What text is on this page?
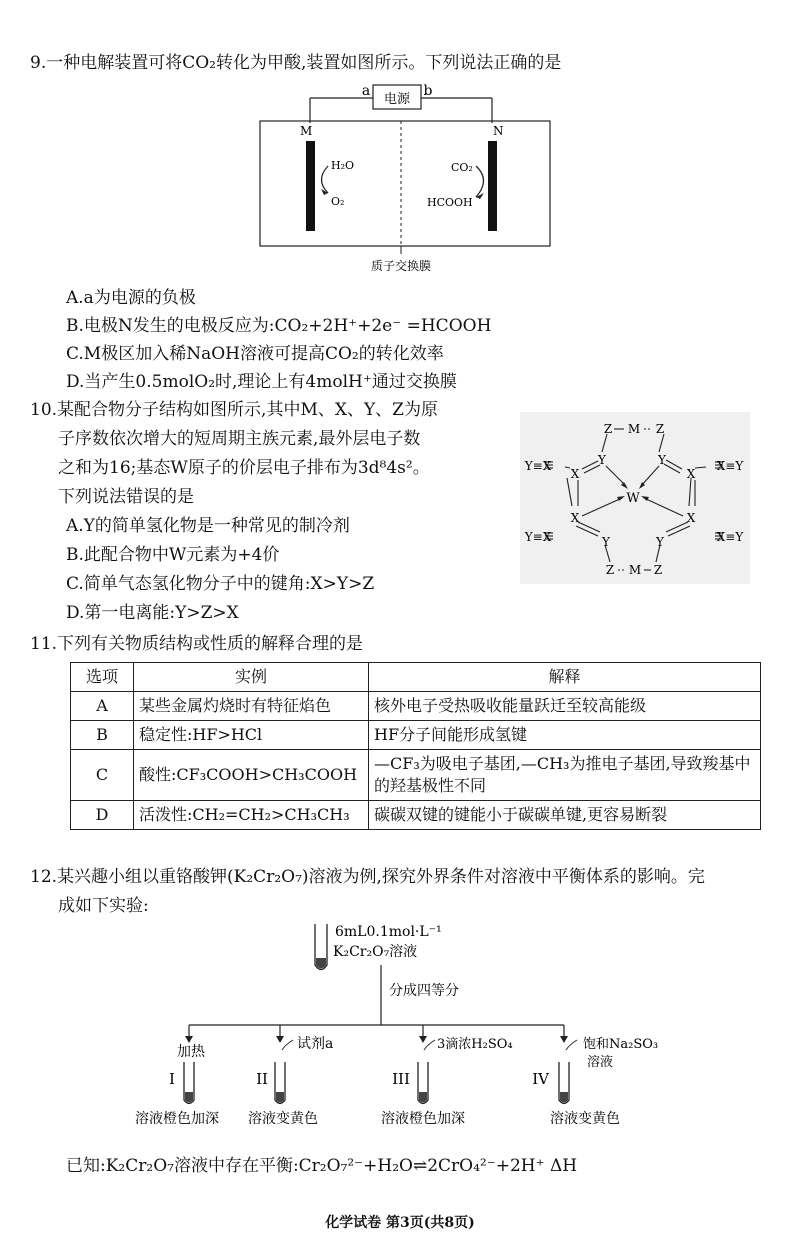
9.一种电解装置可将CO₂转化为甲酸,装置如图所示。下列说法正确的是
电源
a	b
M	N
H₂O
O₂
CO₂
HCOOH
质子交换膜
A.a为电源的负极
B.电极N发生的电极反应为:CO₂+2H⁺+2e⁻ =HCOOH
C.M极区加入稀NaOH溶液可提高CO₂的转化效率
D.当产生0.5molO₂时,理论上有4molH⁺通过交换膜
10.某配合物分子结构如图所示,其中M、X、Y、Z为原
子序数依次增大的短周期主族元素,最外层电子数
之和为16;基态W原子的价层电子排布为3d⁸4s²。
下列说法错误的是
A.Y的简单氢化物是一种常见的制冷剂
B.此配合物中W元素为+4价
C.简单气态氢化物分子中的键角:X>Y>Z
D.第一电离能:Y>Z>X
Z M Z
Y	Y
Y≡X	X≡Y
X	X
W
X	X
Y≡X	X≡Y
Y	Y
Z M Z
11.下列有关物质结构或性质的解释合理的是
选项	实例	解释
A	某些金属灼烧时有特征焰色	核外电子受热吸收能量跃迁至较高能级
B	稳定性:HF>HCl	HF分子间能形成氢键
C	酸性:CF₃COOH>CH₃COOH	—CF₃为吸电子基团,—CH₃为推电子基团,导致羧基中的羟基极性不同
D	活泼性:CH₂=CH₂>CH₃CH₃	碳碳双键的键能小于碳碳单键,更容易断裂
12.某兴趣小组以重铬酸钾(K₂Cr₂O₇)溶液为例,探究外界条件对溶液中平衡体系的影响。完
成如下实验:
6mL0.1mol·L⁻¹
K₂Cr₂O₇溶液
分成四等分
加热	试剂a	3滴浓H₂SO₄	饱和Na₂SO₃
溶液
I	II	III	IV
溶液橙色加深 溶液变黄色	溶液橙色加深	溶液变黄色
已知:K₂Cr₂O₇溶液中存在平衡:Cr₂O₇²⁻+H₂O⇌2CrO₄²⁻+2H⁺ ΔH
化学试卷 第3页(共8页)
